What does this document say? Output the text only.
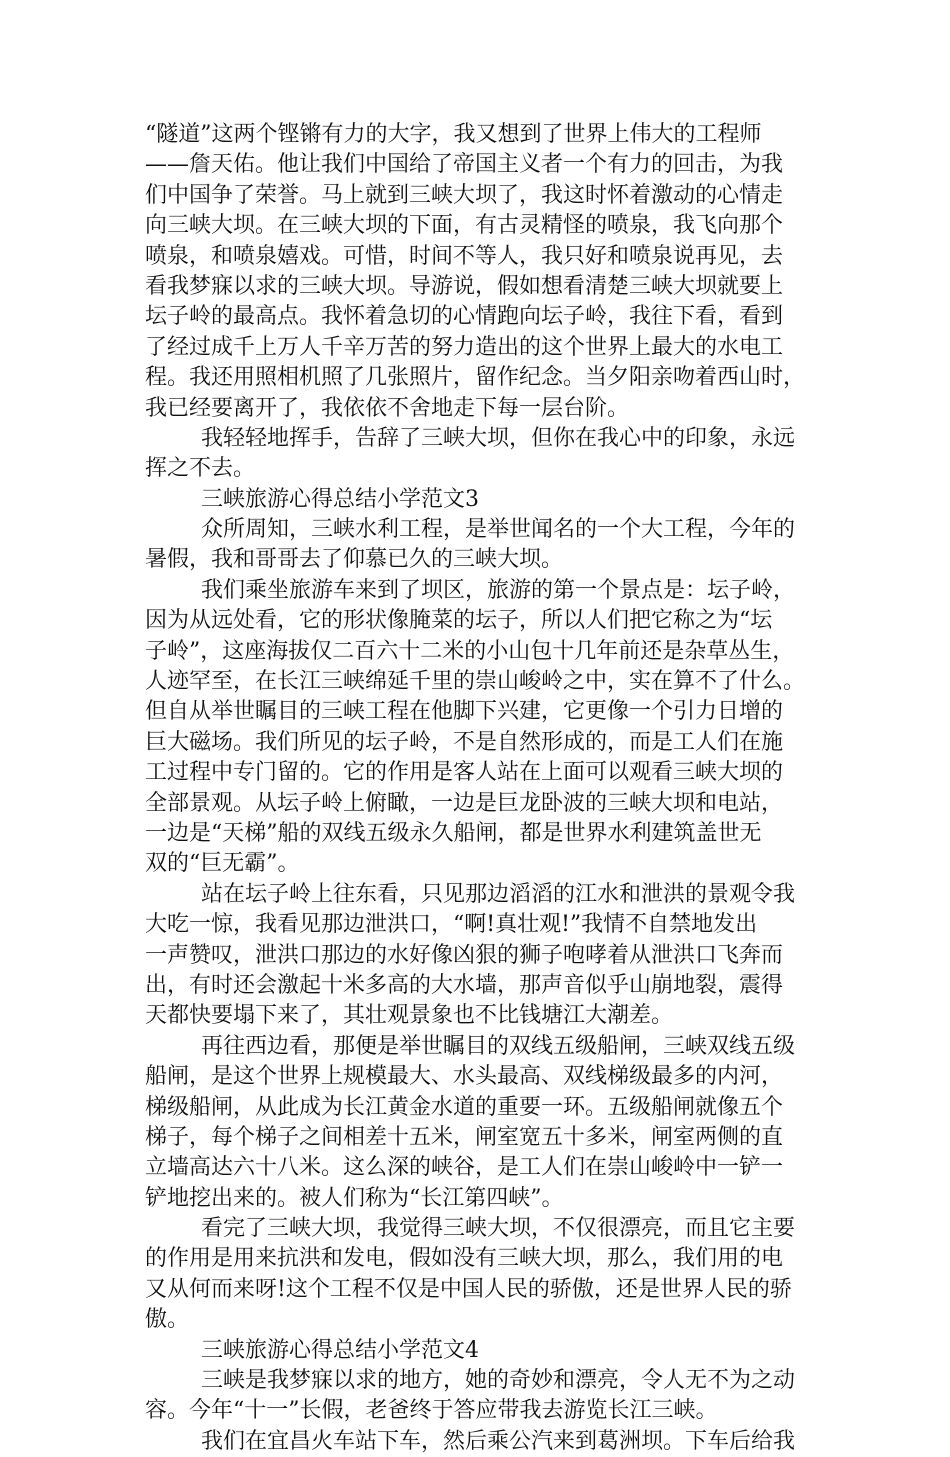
“隧道”这两个铿锵有力的大字，我又想到了世界上伟大的工程师
——詹天佑。他让我们中国给了帝国主义者一个有力的回击，为我
们中国争了荣誉。马上就到三峡大坝了，我这时怀着激动的心情走
向三峡大坝。在三峡大坝的下面，有古灵精怪的喷泉，我飞向那个
喷泉，和喷泉嬉戏。可惜，时间不等人，我只好和喷泉说再见，去
看我梦寐以求的三峡大坝。导游说，假如想看清楚三峡大坝就要上
坛子岭的最高点。我怀着急切的心情跑向坛子岭，我往下看，看到
了经过成千上万人千辛万苦的努力造出的这个世界上最大的水电工
程。我还用照相机照了几张照片，留作纪念。当夕阳亲吻着西山时，
我已经要离开了，我依依不舍地走下每一层台阶。
我轻轻地挥手，告辞了三峡大坝，但你在我心中的印象，永远
挥之不去。
三峡旅游心得总结小学范文3
众所周知，三峡水利工程，是举世闻名的一个大工程，今年的
暑假，我和哥哥去了仰慕已久的三峡大坝。
我们乘坐旅游车来到了坝区，旅游的第一个景点是：坛子岭，
因为从远处看，它的形状像腌菜的坛子，所以人们把它称之为“坛
子岭”，这座海拔仅二百六十二米的小山包十几年前还是杂草丛生，
人迹罕至，在长江三峡绵延千里的崇山峻岭之中，实在算不了什么。
但自从举世瞩目的三峡工程在他脚下兴建，它更像一个引力日增的
巨大磁场。我们所见的坛子岭，不是自然形成的，而是工人们在施
工过程中专门留的。它的作用是客人站在上面可以观看三峡大坝的
全部景观。从坛子岭上俯瞰，一边是巨龙卧波的三峡大坝和电站，
一边是“天梯”船的双线五级永久船闸，都是世界水利建筑盖世无
双的“巨无霸”。
站在坛子岭上往东看，只见那边滔滔的江水和泄洪的景观令我
大吃一惊，我看见那边泄洪口，“啊!真壮观!”我情不自禁地发出
一声赞叹，泄洪口那边的水好像凶狠的狮子咆哮着从泄洪口飞奔而
出，有时还会激起十米多高的大水墙，那声音似乎山崩地裂，震得
天都快要塌下来了，其壮观景象也不比钱塘江大潮差。
再往西边看，那便是举世瞩目的双线五级船闸，三峡双线五级
船闸，是这个世界上规模最大、水头最高、双线梯级最多的内河，
梯级船闸，从此成为长江黄金水道的重要一环。五级船闸就像五个
梯子，每个梯子之间相差十五米，闸室宽五十多米，闸室两侧的直
立墙高达六十八米。这么深的峡谷，是工人们在崇山峻岭中一铲一
铲地挖出来的。被人们称为“长江第四峡”。
看完了三峡大坝，我觉得三峡大坝，不仅很漂亮，而且它主要
的作用是用来抗洪和发电，假如没有三峡大坝，那么，我们用的电
又从何而来呀!这个工程不仅是中国人民的骄傲，还是世界人民的骄
傲。
三峡旅游心得总结小学范文4
三峡是我梦寐以求的地方，她的奇妙和漂亮，令人无不为之动
容。今年“十一”长假，老爸终于答应带我去游览长江三峡。
我们在宜昌火车站下车，然后乘公汽来到葛洲坝。下车后给我
